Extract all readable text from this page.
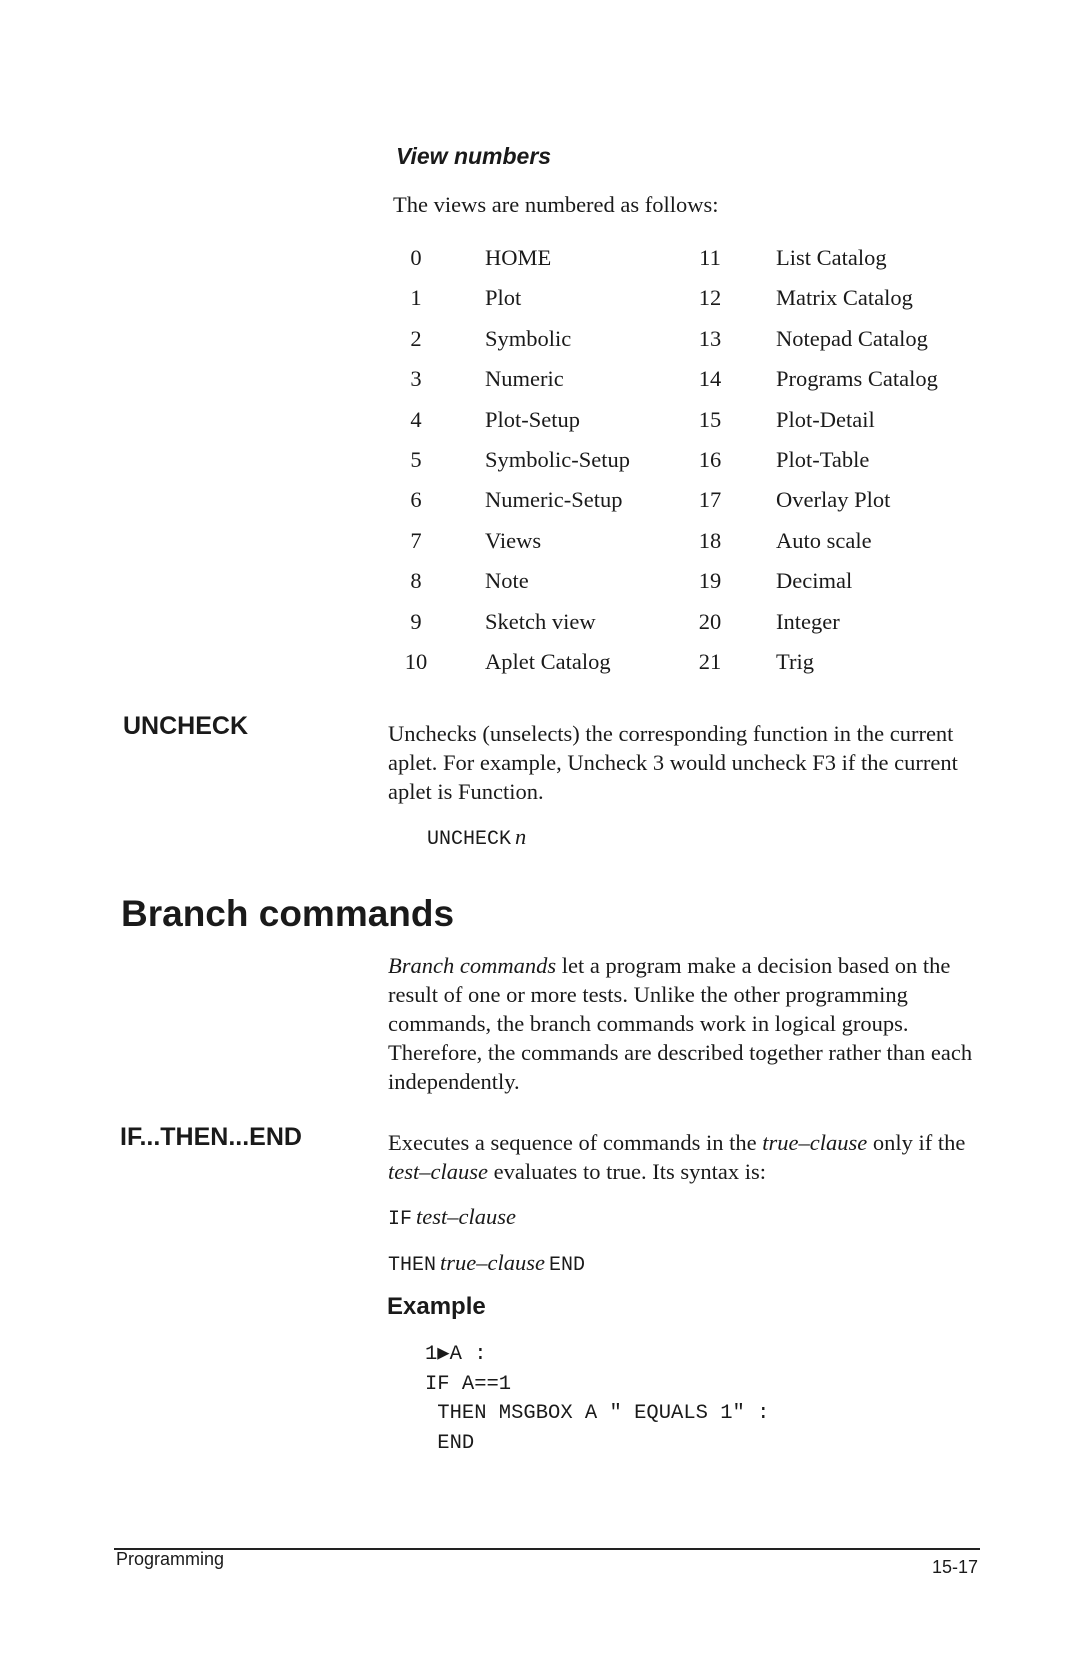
View numbers
The views are numbered as follows:
0	HOME	11	List Catalog
1	Plot	12	Matrix Catalog
2	Symbolic	13	Notepad Catalog
3	Numeric	14	Programs Catalog
4	Plot-Setup	15	Plot-Detail
5	Symbolic-Setup	16	Plot-Table
6	Numeric-Setup	17	Overlay Plot
7	Views	18	Auto scale
8	Note	19	Decimal
9	Sketch view	20	Integer
10	Aplet Catalog	21	Trig
UNCHECK	Unchecks (unselects) the corresponding function in the current aplet. For example, Uncheck 3 would uncheck F3 if the current aplet is Function.
UNCHECK n
Branch commands
Branch commands let a program make a decision based on the result of one or more tests. Unlike the other programming commands, the branch commands work in logical groups. Therefore, the commands are described together rather than each independently.
IF...THEN...END	Executes a sequence of commands in the true–clause only if the test–clause evaluates to true. Its syntax is:
IF test–clause
THEN true–clause END
Example
1▶A :
IF A==1
THEN MSGBOX A " EQUALS 1" :
END
Programming	15-17
